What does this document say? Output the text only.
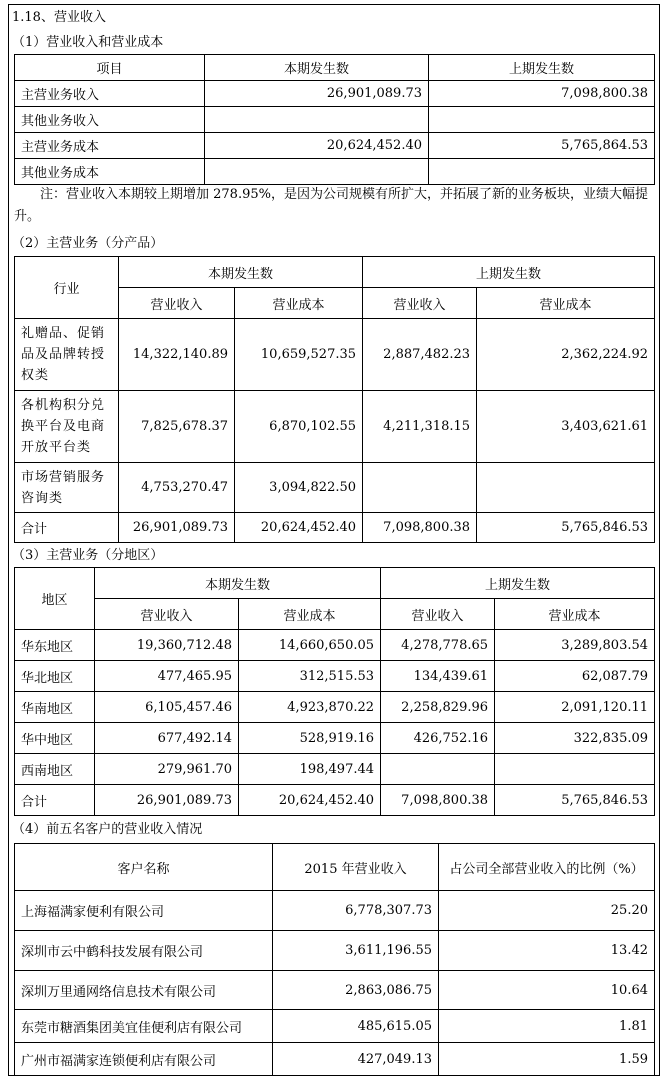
1.18、营业收入
（1）营业收入和营业成本
项目	本期发生数	上期发生数
主营业务收入	26,901,089.73	7,098,800.38
其他业务收入		
主营业务成本	20,624,452.40	5,765,864.53
其他业务成本		
注：营业收入本期较上期增加 278.95%，是因为公司规模有所扩大，并拓展了新的业务板块，业绩大幅提升。
（2）主营业务（分产品）
行业	本期发生数		上期发生数	
	营业收入	营业成本	营业收入	营业成本
礼赠品、促销品及品牌转授权类	14,322,140.89	10,659,527.35	2,887,482.23	2,362,224.92
各机构积分兑换平台及电商开放平台类	7,825,678.37	6,870,102.55	4,211,318.15	3,403,621.61
市场营销服务咨询类	4,753,270.47	3,094,822.50		
合计	26,901,089.73	20,624,452.40	7,098,800.38	5,765,846.53
（3）主营业务（分地区）
地区	本期发生数		上期发生数	
	营业收入	营业成本	营业收入	营业成本
华东地区	19,360,712.48	14,660,650.05	4,278,778.65	3,289,803.54
华北地区	477,465.95	312,515.53	134,439.61	62,087.79
华南地区	6,105,457.46	4,923,870.22	2,258,829.96	2,091,120.11
华中地区	677,492.14	528,919.16	426,752.16	322,835.09
西南地区	279,961.70	198,497.44		
合计	26,901,089.73	20,624,452.40	7,098,800.38	5,765,846.53
（4）前五名客户的营业收入情况
客户名称	2015 年营业收入	占公司全部营业收入的比例（%）
上海福满家便利有限公司	6,778,307.73	25.20
深圳市云中鹤科技发展有限公司	3,611,196.55	13.42
深圳万里通网络信息技术有限公司	2,863,086.75	10.64
东莞市糖酒集团美宜佳便利店有限公司	485,615.05	1.81
广州市福满家连锁便利店有限公司	427,049.13	1.59
